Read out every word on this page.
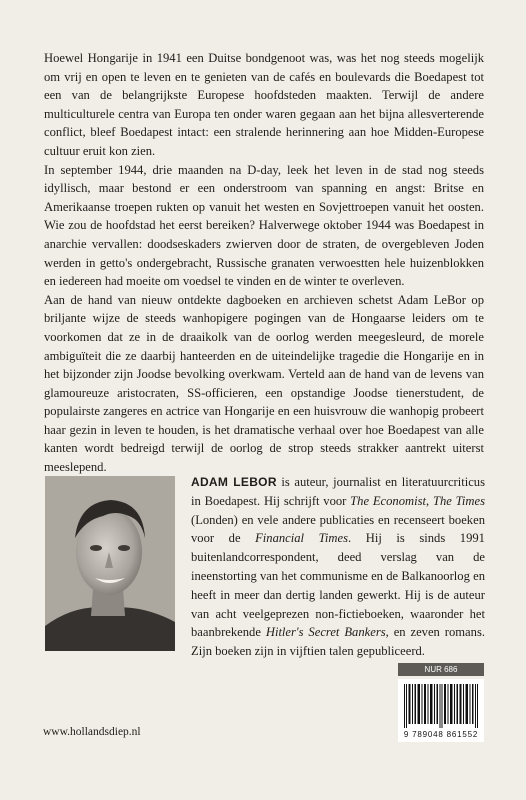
Hoewel Hongarije in 1941 een Duitse bondgenoot was, was het nog steeds mogelijk om vrij en open te leven en te genieten van de cafés en boulevards die Boedapest tot een van de belangrijkste Europese hoofdsteden maakten. Terwijl de andere multiculturele centra van Europa ten onder waren gegaan aan het bijna allesverterende conflict, bleef Boedapest intact: een stralende herinnering aan hoe Midden-Europese cultuur eruit kon zien.

In september 1944, drie maanden na D-day, leek het leven in de stad nog steeds idyllisch, maar bestond er een onderstroom van spanning en angst: Britse en Amerikaanse troepen rukten op vanuit het westen en Sovjettroepen vanuit het oosten. Wie zou de hoofdstad het eerst bereiken? Halverwege oktober 1944 was Boedapest in anarchie vervallen: doodseskaders zwierven door de straten, de overgebleven Joden werden in getto's ondergebracht, Russische granaten verwoestten hele huizenblokken en iedereen had moeite om voedsel te vinden en de winter te overleven.

Aan de hand van nieuw ontdekte dagboeken en archieven schetst Adam LeBor op briljante wijze de steeds wanhopigere pogingen van de Hongaarse leiders om te voorkomen dat ze in de draaikolk van de oorlog werden meegesleurd, de morele ambiguïteit die ze daarbij hanteerden en de uiteindelijke tragedie die Hongarije en in het bijzonder zijn Joodse bevolking overkwam. Verteld aan de hand van de levens van glamoureuze aristocraten, SS-officieren, een opstandige Joodse tienerstudent, de populairste zangeres en actrice van Hongarije en een huisvrouw die wanhopig probeert haar gezin in leven te houden, is het dramatische verhaal over hoe Boedapest van alle kanten wordt bedreigd terwijl de oorlog de strop steeds strakker aantrekt uiterst meeslepend.

ADAM LEBOR is auteur, journalist en literatuurcriticus in Boedapest. Hij schrijft voor The Economist, The Times (Londen) en vele andere publicaties en recenseert boeken voor de Financial Times. Hij is sinds 1991 buitenlandcorrespondent, deed verslag van de ineenstorting van het communisme en de Balkanoorlog en heeft in meer dan dertig landen gewerkt. Hij is de auteur van acht veelgeprezen non-fictieboeken, waaronder het baanbrekende Hitler's Secret Bankers, en zeven romans. Zijn boeken zijn in vijftien talen gepubliceerd.
NUR 686
9 789048 861552
www.hollandsdiep.nl
